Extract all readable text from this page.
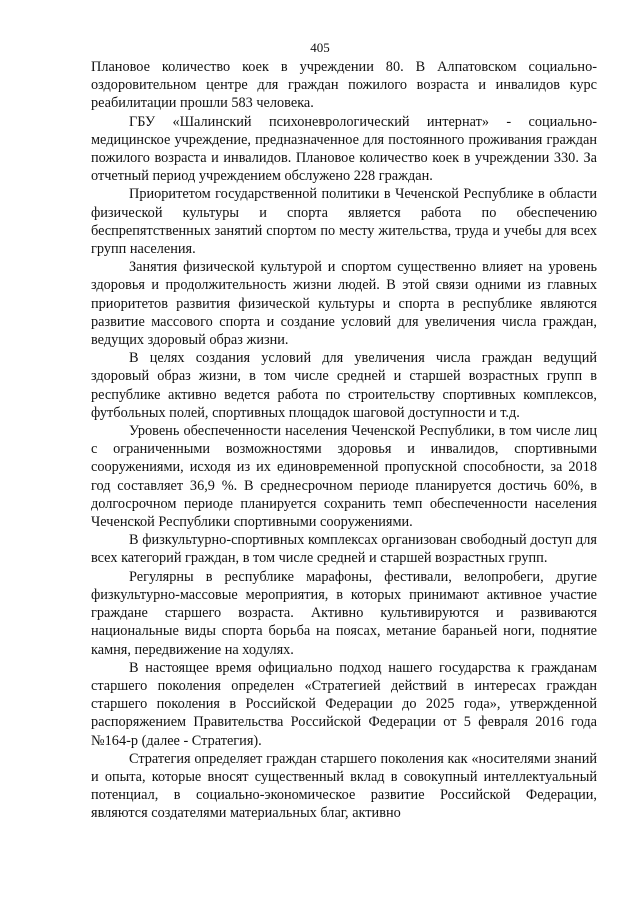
405

Плановое количество коек в учреждении 80. В Алпатовском социально-оздоровительном центре для граждан пожилого возраста и инвалидов курс реабилитации прошли 583 человека.

ГБУ «Шалинский психоневрологический интернат» - социально-медицинское учреждение, предназначенное для постоянного проживания граждан пожилого возраста и инвалидов. Плановое количество коек в учреждении 330. За отчетный период учреждением обслужено 228 граждан.

Приоритетом государственной политики в Чеченской Республике в области физической культуры и спорта является работа по обеспечению беспрепятственных занятий спортом по месту жительства, труда и учебы для всех групп населения.

Занятия физической культурой и спортом существенно влияет на уровень здоровья и продолжительность жизни людей. В этой связи одними из главных приоритетов развития физической культуры и спорта в республике являются развитие массового спорта и создание условий для увеличения числа граждан, ведущих здоровый образ жизни.

В целях создания условий для увеличения числа граждан ведущий здоровый образ жизни, в том числе средней и старшей возрастных групп в республике активно ведется работа по строительству спортивных комплексов, футбольных полей, спортивных площадок шаговой доступности и т.д.

Уровень обеспеченности населения Чеченской Республики, в том числе лиц с ограниченными возможностями здоровья и инвалидов, спортивными сооружениями, исходя из их единовременной пропускной способности, за 2018 год составляет 36,9 %. В среднесрочном периоде планируется достичь 60%, в долгосрочном периоде планируется сохранить темп обеспеченности населения Чеченской Республики спортивными сооружениями.

В физкультурно-спортивных комплексах организован свободный доступ для всех категорий граждан, в том числе средней и старшей возрастных групп.

Регулярны в республике марафоны, фестивали, велопробеги, другие физкультурно-массовые мероприятия, в которых принимают активное участие граждане старшего возраста. Активно культивируются и развиваются национальные виды спорта борьба на поясах, метание бараньей ноги, поднятие камня, передвижение на ходулях.

В настоящее время официально подход нашего государства к гражданам старшего поколения определен «Стратегией действий в интересах граждан старшего поколения в Российской Федерации до 2025 года», утвержденной распоряжением Правительства Российской Федерации от 5 февраля 2016 года №164-р (далее - Стратегия).

Стратегия определяет граждан старшего поколения как «носителями знаний и опыта, которые вносят существенный вклад в совокупный интеллектуальный потенциал, в социально-экономическое развитие Российской Федерации, являются создателями материальных благ, активно
